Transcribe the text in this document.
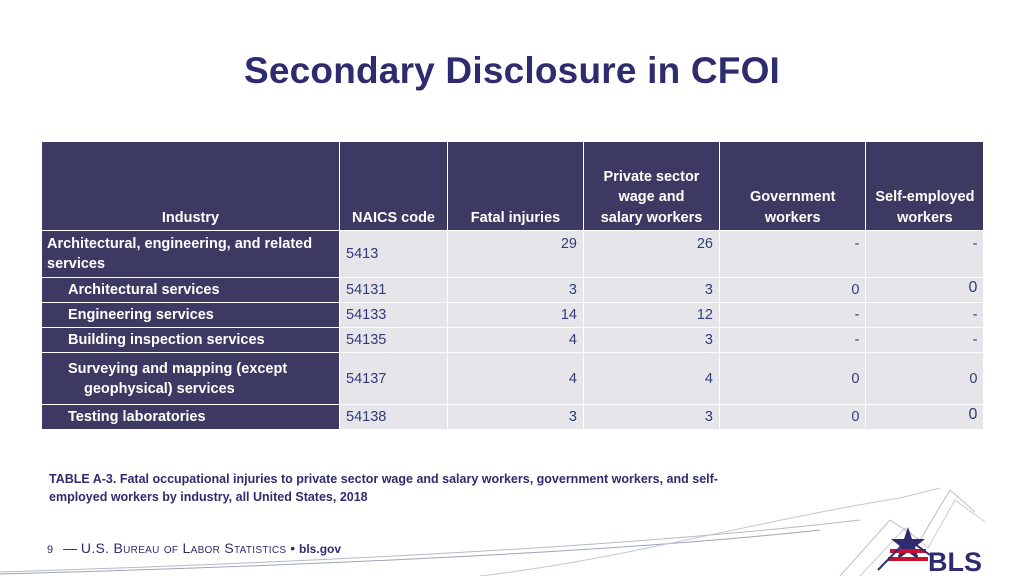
Secondary Disclosure in CFOI
Industry	NAICS code	Fatal injuries	Private sector wage and salary workers	Government workers	Self-employed workers
Architectural, engineering, and related services	5413	29	26	-	-

Architectural services	54131	3	3	0	0

Engineering services	54133	14	12	-	-

Building inspection services	54135	4	3	-	-

Surveying and mapping (except
geophysical) services	54137	4	4	0	0

Testing laboratories	54138	3	3	0	0
TABLE A-3. Fatal occupational injuries to private sector wage and salary workers, government workers, and self-employed workers by industry, all United States, 2018
9 — U.S. Bureau of Labor Statistics • bls.gov	BLS
